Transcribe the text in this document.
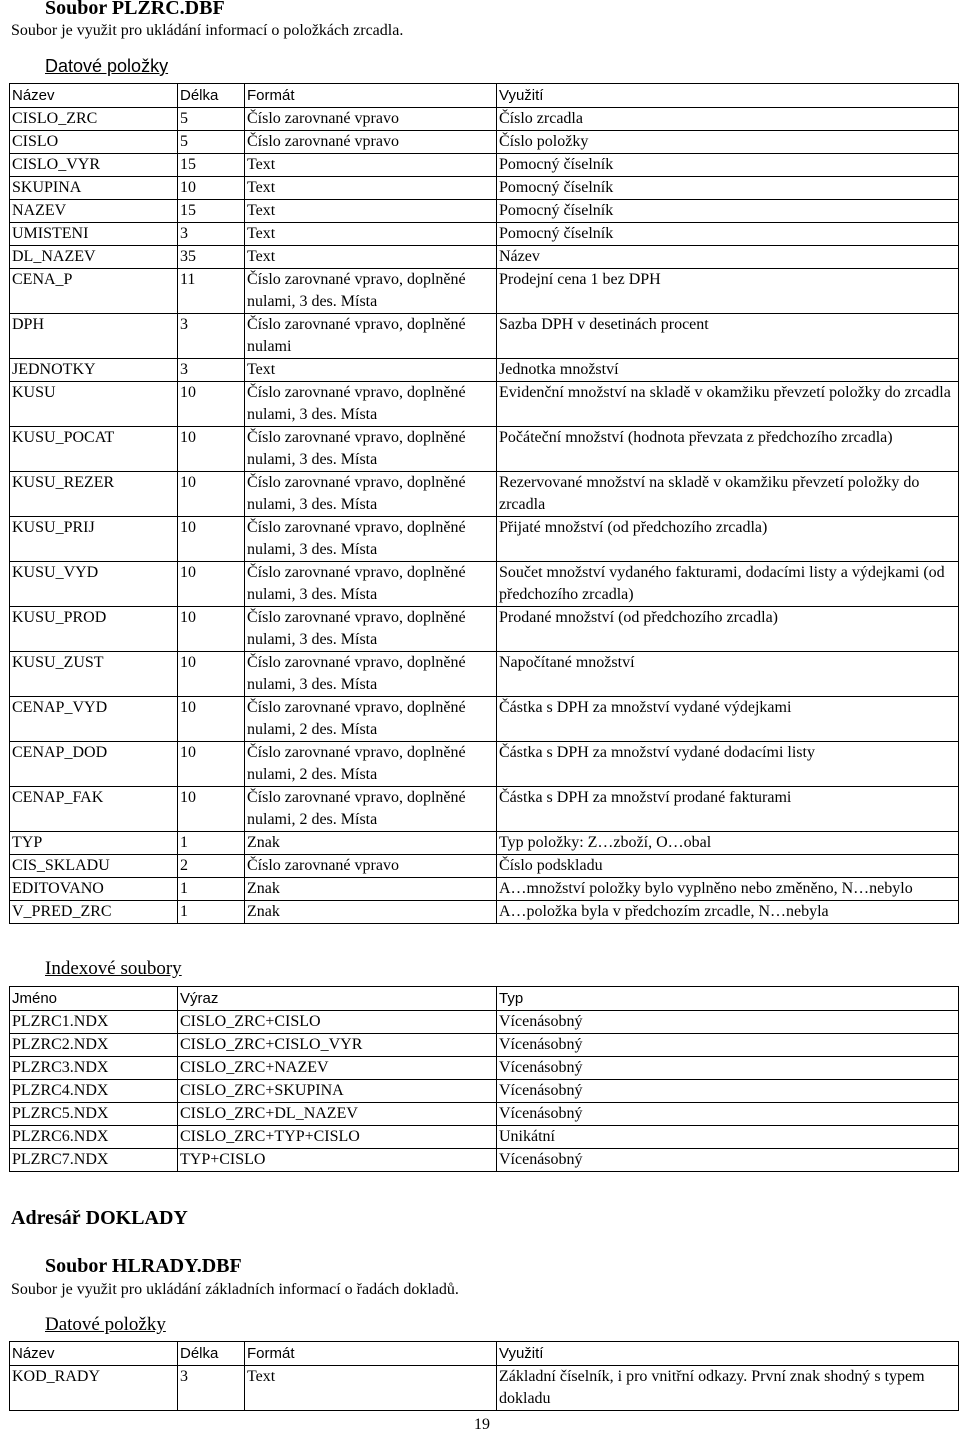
Soubor PLZRC.DBF
Soubor je využit pro ukládání informací o položkách zrcadla.
Datové položky
Název	Délka	Formát	Využití
CISLO_ZRC	5	Číslo zarovnané vpravo	Číslo zrcadla
CISLO	5	Číslo zarovnané vpravo	Číslo položky
CISLO_VYR	15	Text	Pomocný číselník
SKUPINA	10	Text	Pomocný číselník
NAZEV	15	Text	Pomocný číselník
UMISTENI	3	Text	Pomocný číselník
DL_NAZEV	35	Text	Název
CENA_P	11	Číslo zarovnané vpravo, doplněné nulami, 3 des. Místa	Prodejní cena 1 bez DPH
DPH	3	Číslo zarovnané vpravo, doplněné nulami	Sazba DPH v desetinách procent
JEDNOTKY	3	Text	Jednotka množství
KUSU	10	Číslo zarovnané vpravo, doplněné nulami, 3 des. Místa	Evidenční množství na skladě v okamžiku převzetí položky do zrcadla
KUSU_POCAT	10	Číslo zarovnané vpravo, doplněné nulami, 3 des. Místa	Počáteční množství (hodnota převzata z předchozího zrcadla)
KUSU_REZER	10	Číslo zarovnané vpravo, doplněné nulami, 3 des. Místa	Rezervované množství na skladě v okamžiku převzetí položky do zrcadla
KUSU_PRIJ	10	Číslo zarovnané vpravo, doplněné nulami, 3 des. Místa	Přijaté množství (od předchozího zrcadla)
KUSU_VYD	10	Číslo zarovnané vpravo, doplněné nulami, 3 des. Místa	Součet množství vydaného fakturami, dodacími listy a výdejkami (od předchozího zrcadla)
KUSU_PROD	10	Číslo zarovnané vpravo, doplněné nulami, 3 des. Místa	Prodané množství (od předchozího zrcadla)
KUSU_ZUST	10	Číslo zarovnané vpravo, doplněné nulami, 3 des. Místa	Napočítané množství
CENAP_VYD	10	Číslo zarovnané vpravo, doplněné nulami, 2 des. Místa	Částka s DPH za množství vydané výdejkami
CENAP_DOD	10	Číslo zarovnané vpravo, doplněné nulami, 2 des. Místa	Částka s DPH za množství vydané dodacími listy
CENAP_FAK	10	Číslo zarovnané vpravo, doplněné nulami, 2 des. Místa	Částka s DPH za množství prodané fakturami
TYP	1	Znak	Typ položky: Z…zboží, O…obal
CIS_SKLADU	2	Číslo zarovnané vpravo	Číslo podskladu
EDITOVANO	1	Znak	A…množství položky bylo vyplněno nebo změněno, N…nebylo
V_PRED_ZRC	1	Znak	A…položka byla v předchozím zrcadle, N…nebyla
Indexové soubory
Jméno	Výraz	Typ
PLZRC1.NDX	CISLO_ZRC+CISLO	Vícenásobný
PLZRC2.NDX	CISLO_ZRC+CISLO_VYR	Vícenásobný
PLZRC3.NDX	CISLO_ZRC+NAZEV	Vícenásobný
PLZRC4.NDX	CISLO_ZRC+SKUPINA	Vícenásobný
PLZRC5.NDX	CISLO_ZRC+DL_NAZEV	Vícenásobný
PLZRC6.NDX	CISLO_ZRC+TYP+CISLO	Unikátní
PLZRC7.NDX	TYP+CISLO	Vícenásobný
Adresář DOKLADY
Soubor HLRADY.DBF
Soubor je využit pro ukládání základních informací o řadách dokladů.
Datové položky
Název	Délka	Formát	Využití
KOD_RADY	3	Text	Základní číselník, i pro vnitřní odkazy. První znak shodný s typem dokladu
19
